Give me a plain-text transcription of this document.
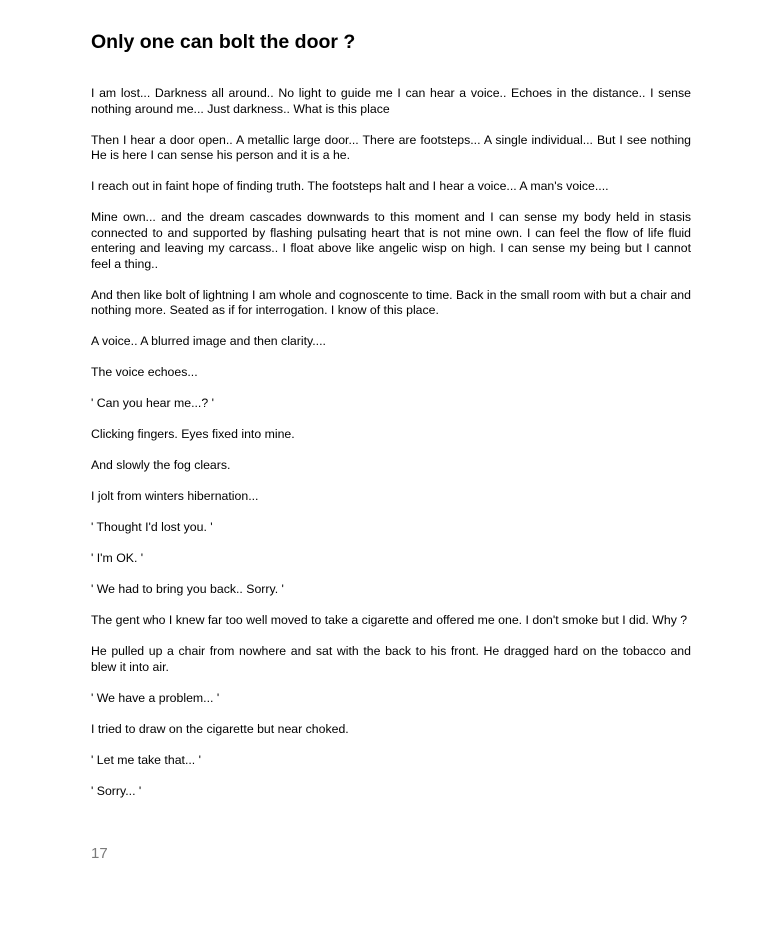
Only one can bolt the door ?

I am lost... Darkness all around.. No light to guide me I can hear a voice.. Echoes in the distance.. I sense nothing around me... Just darkness.. What is this place

Then I hear a door open.. A metallic large door... There are footsteps... A single individual... But I see nothing He is here I can sense his person and it is a he.

I reach out in faint hope of finding truth. The footsteps halt and I hear a voice... A man's voice....

Mine own... and the dream cascades downwards to this moment and I can sense my body held in stasis connected to and supported by flashing pulsating heart that is not mine own. I can feel the flow of life fluid entering and leaving my carcass.. I float above like angelic wisp on high. I can sense my being but I cannot feel a thing..

And then like bolt of lightning I am whole and cognoscente to time. Back in the small room with but a chair and nothing more. Seated as if for interrogation. I know of this place.

A voice.. A blurred image and then clarity....

The voice echoes...

' Can you hear me...? '

Clicking fingers. Eyes fixed into mine.

And slowly the fog clears.

I jolt from winters hibernation...

' Thought I'd lost you. '

' I'm OK. '

' We had to bring you back.. Sorry. '

The gent who I knew far too well moved to take a cigarette and offered me one. I don't smoke but I did. Why ?

He pulled up a chair from nowhere and sat with the back to his front. He dragged hard on the tobacco and blew it into air.

' We have a problem... '

I tried to draw on the cigarette but near choked.

' Let me take that... '

' Sorry... '

17
